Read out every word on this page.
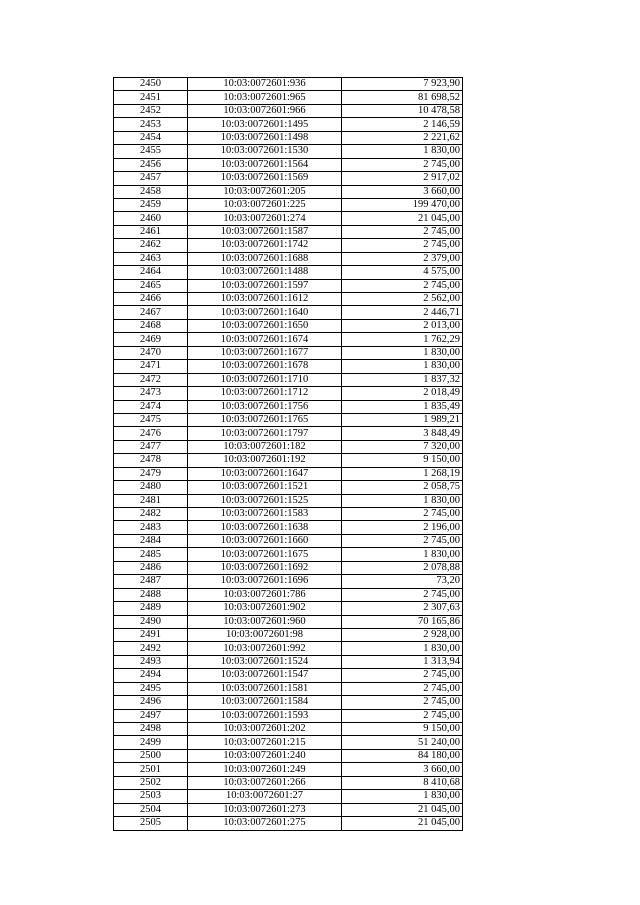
2450	10:03:0072601:936	7 923,90
2451	10:03:0072601:965	81 698,52
2452	10:03:0072601:966	10 478,58
2453	10:03:0072601:1495	2 146,59
2454	10:03:0072601:1498	2 221,62
2455	10:03:0072601:1530	1 830,00
2456	10:03:0072601:1564	2 745,00
2457	10:03:0072601:1569	2 917,02
2458	10:03:0072601:205	3 660,00
2459	10:03:0072601:225	199 470,00
2460	10:03:0072601:274	21 045,00
2461	10:03:0072601:1587	2 745,00
2462	10:03:0072601:1742	2 745,00
2463	10:03:0072601:1688	2 379,00
2464	10:03:0072601:1488	4 575,00
2465	10:03:0072601:1597	2 745,00
2466	10:03:0072601:1612	2 562,00
2467	10:03:0072601:1640	2 446,71
2468	10:03:0072601:1650	2 013,00
2469	10:03:0072601:1674	1 762,29
2470	10:03:0072601:1677	1 830,00
2471	10:03:0072601:1678	1 830,00
2472	10:03:0072601:1710	1 837,32
2473	10:03:0072601:1712	2 018,49
2474	10:03:0072601:1756	1 835,49
2475	10:03:0072601:1765	1 989,21
2476	10:03:0072601:1797	3 848,49
2477	10:03:0072601:182	7 320,00
2478	10:03:0072601:192	9 150,00
2479	10:03:0072601:1647	1 268,19
2480	10:03:0072601:1521	2 058,75
2481	10:03:0072601:1525	1 830,00
2482	10:03:0072601:1583	2 745,00
2483	10:03:0072601:1638	2 196,00
2484	10:03:0072601:1660	2 745,00
2485	10:03:0072601:1675	1 830,00
2486	10:03:0072601:1692	2 078,88
2487	10:03:0072601:1696	73,20
2488	10:03:0072601:786	2 745,00
2489	10:03:0072601:902	2 307,63
2490	10:03:0072601:960	70 165,86
2491	10:03:0072601:98	2 928,00
2492	10:03:0072601:992	1 830,00
2493	10:03:0072601:1524	1 313,94
2494	10:03:0072601:1547	2 745,00
2495	10:03:0072601:1581	2 745,00
2496	10:03:0072601:1584	2 745,00
2497	10:03:0072601:1593	2 745,00
2498	10:03:0072601:202	9 150,00
2499	10:03:0072601:215	51 240,00
2500	10:03:0072601:240	84 180,00
2501	10:03:0072601:249	3 660,00
2502	10:03:0072601:266	8 410,68
2503	10:03:0072601:27	1 830,00
2504	10:03:0072601:273	21 045,00
2505	10:03:0072601:275	21 045,00
